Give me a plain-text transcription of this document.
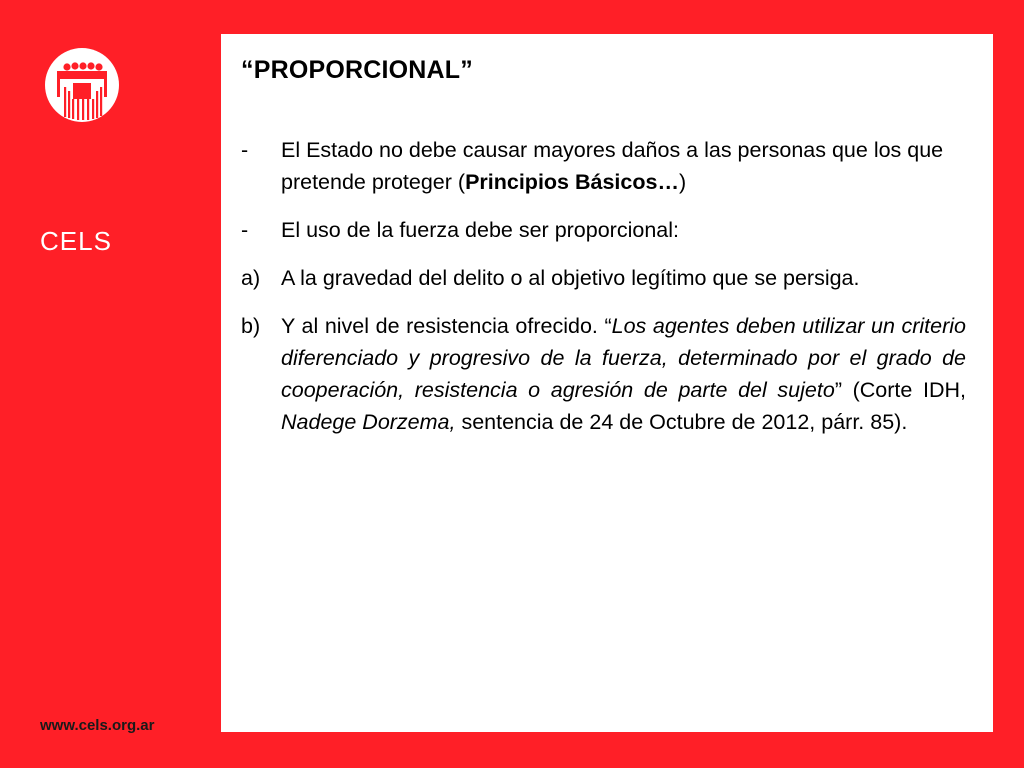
CELS
www.cels.org.ar
“PROPORCIONAL”
-	El Estado no debe causar mayores daños a las personas que los que pretende proteger (Principios Básicos…)
-	El uso de la fuerza debe ser proporcional:
a) A la gravedad del delito o al objetivo legítimo que se persiga.
b) Y al nivel de resistencia ofrecido. “Los agentes deben utilizar un criterio diferenciado y progresivo de la fuerza, determinado por el grado de cooperación, resistencia o agresión de parte del sujeto” (Corte IDH, Nadege Dorzema, sentencia de 24 de Octubre de 2012, párr. 85).
